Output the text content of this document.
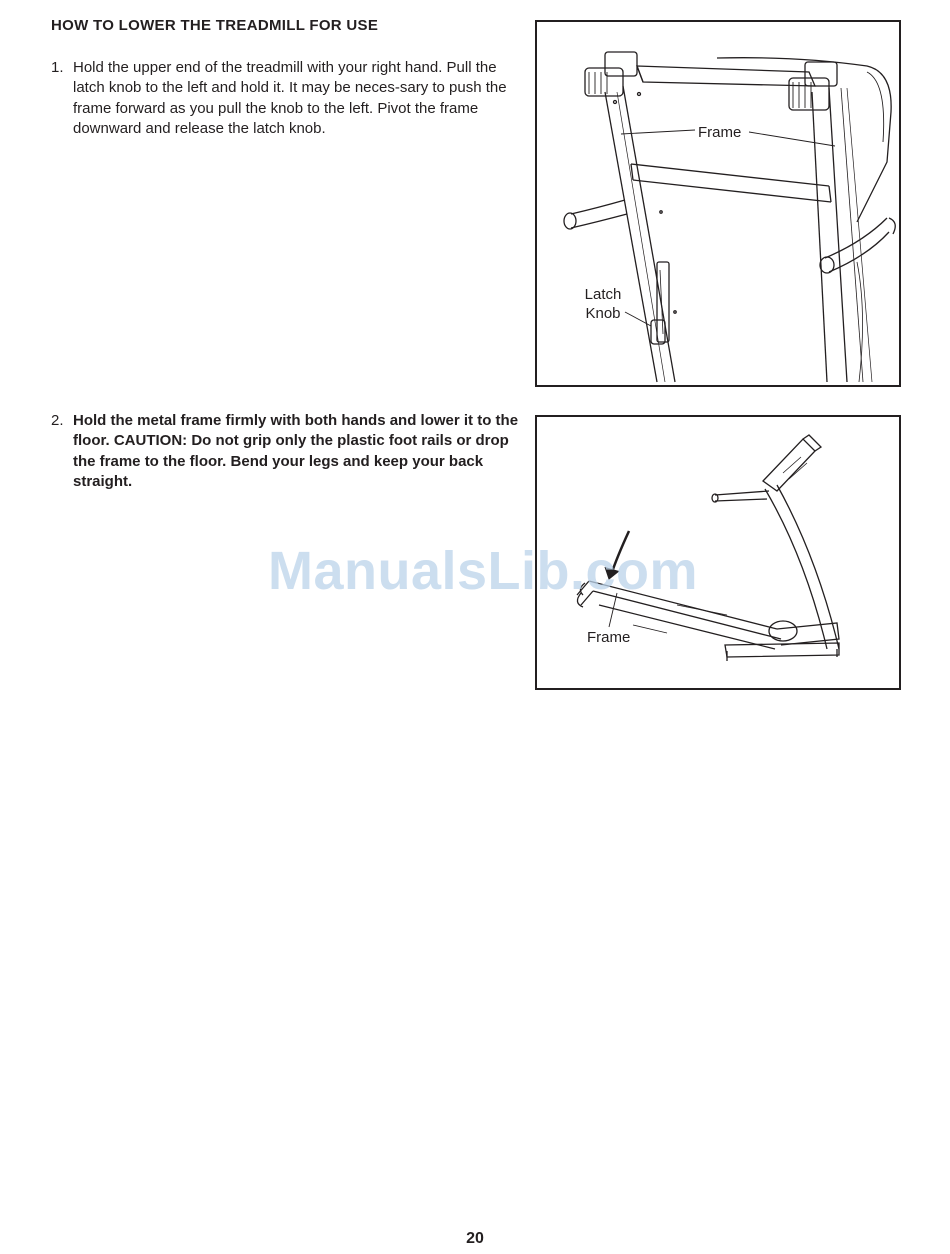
HOW TO LOWER THE TREADMILL FOR USE
1. Hold the upper end of the treadmill with your right hand. Pull the latch knob to the left and hold it. It may be neces-sary to push the frame forward as you pull the knob to the left. Pivot the frame downward and release the latch knob.
2. Hold the metal frame firmly with both hands and lower it to the floor. CAUTION: Do not grip only the plastic foot rails or drop the frame to the floor. Bend your legs and keep your back straight.
Frame
Latch
Knob
Frame
ManualsLib.com
20
